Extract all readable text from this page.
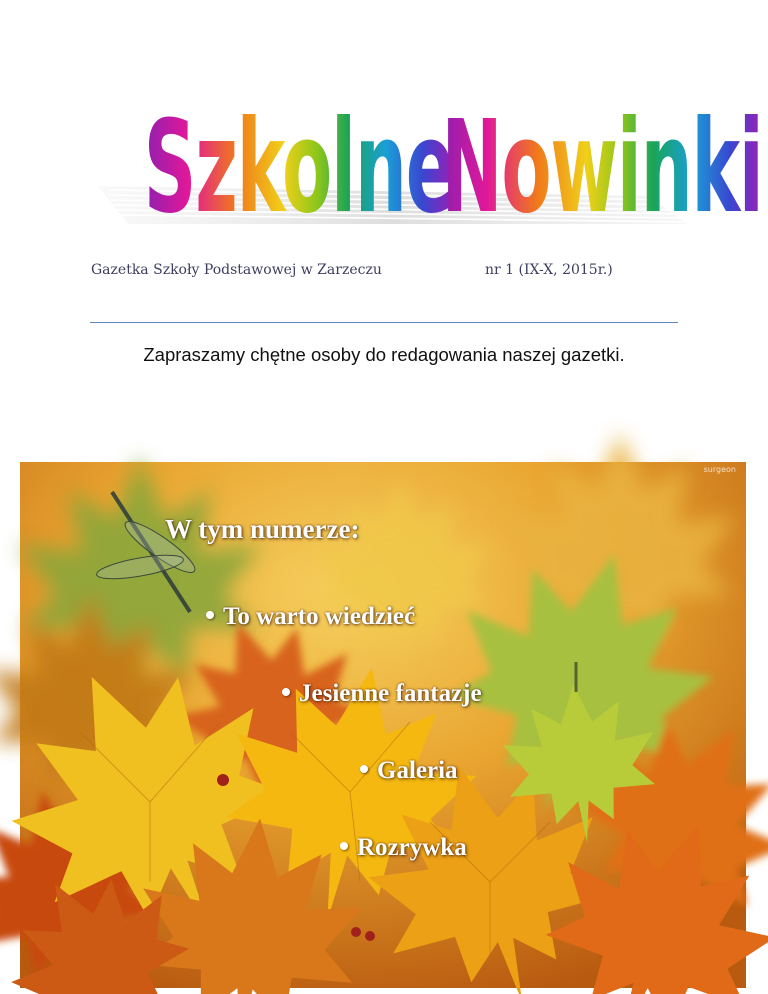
Szkolne
Nowinki
Gazetka Szkoły Podstawowej w Zarzeczu	nr 1 (IX-X, 2015r.)
Zapraszamy chętne osoby do redagowania naszej gazetki.
surgeon
W tym numerze:
To warto wiedzieć
Jesienne fantazje
Galeria
Rozrywka
